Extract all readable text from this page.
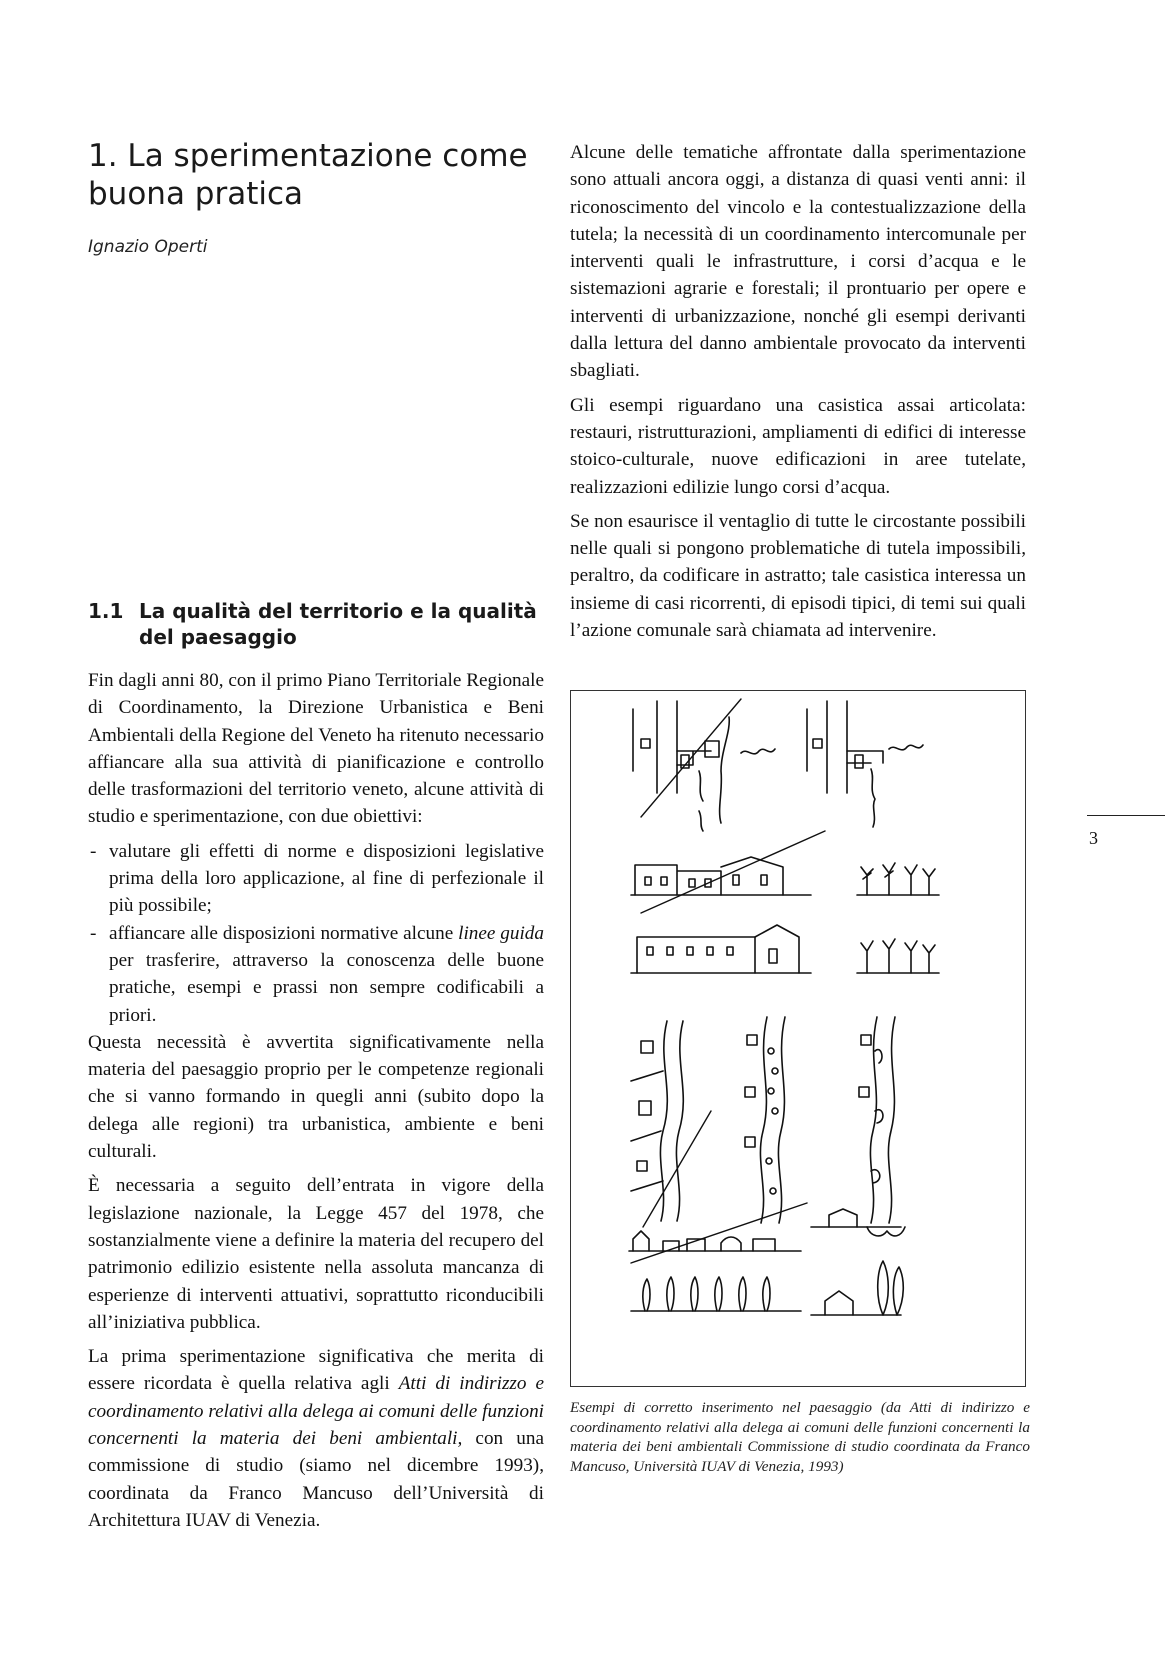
1. La sperimentazione come buona pratica
Ignazio Operti
1.1 La qualità del territorio e la qualità del paesaggio

Fin dagli anni 80, con il primo Piano Territoriale Regionale di Coordinamento, la Direzione Urbanistica e Beni Ambientali della Regione del Veneto ha ritenuto necessario affiancare alla sua attività di pianificazione e controllo delle trasformazioni del territorio veneto, alcune attività di studio e sperimentazione, con due obiettivi:

- valutare gli effetti di norme e disposizioni legislative prima della loro applicazione, al fine di perfezionale il più possibile;
- affiancare alle disposizioni normative alcune linee guida per trasferire, attraverso la conoscenza delle buone pratiche, esempi e prassi non sempre codificabili a priori.

Questa necessità è avvertita significativamente nella materia del paesaggio proprio per le competenze regionali che si vanno formando in quegli anni (subito dopo la delega alle regioni) tra urbanistica, ambiente e beni culturali.

È necessaria a seguito dell’entrata in vigore della legislazione nazionale, la Legge 457 del 1978, che sostanzialmente viene a definire la materia del recupero del patrimonio edilizio esistente nella assoluta mancanza di esperienze di interventi attuativi, soprattutto riconducibili all’iniziativa pubblica.

La prima sperimentazione significativa che merita di essere ricordata è quella relativa agli Atti di indirizzo e coordinamento relativi alla delega ai comuni delle funzioni concernenti la materia dei beni ambientali, con una commissione di studio (siamo nel dicembre 1993), coordinata da Franco Mancuso dell’Università di Architettura IUAV di Venezia.

Alcune delle tematiche affrontate dalla sperimentazione sono attuali ancora oggi, a distanza di quasi venti anni: il riconoscimento del vincolo e la contestualizzazione della tutela; la necessità di un coordinamento intercomunale per interventi quali le infrastrutture, i corsi d’acqua e le sistemazioni agrarie e forestali; il prontuario per opere e interventi di urbanizzazione, nonché gli esempi derivanti dalla lettura del danno ambientale provocato da interventi sbagliati.

Gli esempi riguardano una casistica assai articolata: restauri, ristrutturazioni, ampliamenti di edifici di interesse stoico-culturale, nuove edificazioni in aree tutelate, realizzazioni edilizie lungo corsi d’acqua.

Se non esaurisce il ventaglio di tutte le circostante possibili nelle quali si pongono problematiche di tutela impossibili, peraltro, da codificare in astratto; tale casistica interessa un insieme di casi ricorrenti, di episodi tipici, di temi sui quali l’azione comunale sarà chiamata ad intervenire.

Esempi di corretto inserimento nel paesaggio (da Atti di indirizzo e coordinamento relativi alla delega ai comuni delle funzioni concernenti la materia dei beni ambientali Commissione di studio coordinata da Franco Mancuso, Università IUAV di Venezia, 1993)
3
